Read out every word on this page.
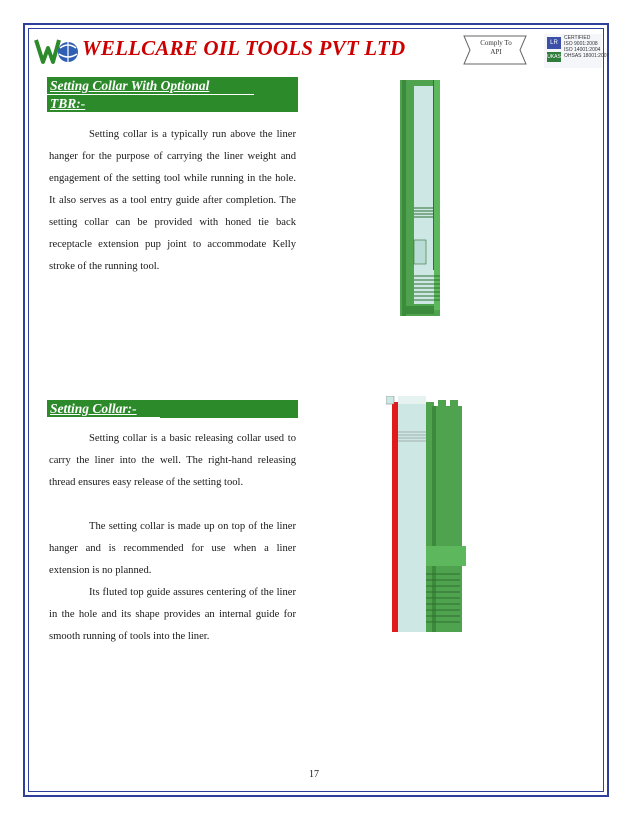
WELLCARE OIL TOOLS PVT LTD	Comply To API
LR
UKAS
CERTIFIED
ISO 9001:2008
ISO 14001:2004
OHSAS 18001:2007
Setting Collar With Optional
TBR:-

Setting collar is a typically run above the liner hanger for the purpose of carrying the liner weight and engagement of the setting tool while running in the hole. It also serves as a tool entry guide after completion. The setting collar can be provided with honed tie back receptacle extension pup joint to accommodate Kelly stroke of the running tool.

Setting Collar:-

Setting collar is a basic releasing collar used to carry the liner into the well. The right-hand releasing thread ensures easy release of the setting tool.

The setting collar is made up on top of the liner hanger and is recommended for use when a liner extension is no planned.

Its fluted top guide assures centering of the liner in the hole and its shape provides an internal guide for smooth running of tools into the liner.

17
